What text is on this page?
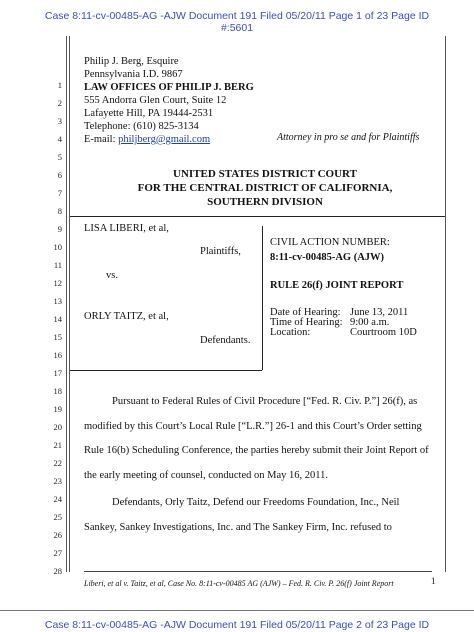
Case 8:11-cv-00485-AG -AJW Document 191 Filed 05/20/11 Page 1 of 23 Page ID
#:5601
1
2
3
4
5
6
7
8
9
10
11
12
13
14
15
16
17
18
19
20
21
22
23
24
25
26
27
28
Philip J. Berg, Esquire
Pennsylvania I.D. 9867
LAW OFFICES OF PHILIP J. BERG
555 Andorra Glen Court, Suite 12
Lafayette Hill, PA 19444-2531
Telephone: (610) 825-3134
E-mail: philjberg@gmail.com	Attorney in pro se and for Plaintiffs
UNITED STATES DISTRICT COURT
FOR THE CENTRAL DISTRICT OF CALIFORNIA,
SOUTHERN DIVISION
LISA LIBERI, et al,
Plaintiffs,
vs.
ORLY TAITZ, et al,
Defendants.
CIVIL ACTION NUMBER:
8:11-cv-00485-AG (AJW)
RULE 26(f) JOINT REPORT
Date of Hearing: June 13, 2011
Time of Hearing: 9:00 a.m.
Location:	Courtroom 10D
Pursuant to Federal Rules of Civil Procedure [“Fed. R. Civ. P.”] 26(f), as
modified by this Court’s Local Rule [“L.R.”] 26-1 and this Court’s Order setting
Rule 16(b) Scheduling Conference, the parties hereby submit their Joint Report of
the early meeting of counsel, conducted on May 16, 2011.
Defendants, Orly Taitz, Defend our Freedoms Foundation, Inc., Neil
Sankey, Sankey Investigations, Inc. and The Sankey Firm, Inc. refused to
Liberi, et al v. Taitz, et al, Case No. 8:11-cv-00485 AG (AJW) – Fed. R. Civ. P. 26(f) Joint Report	1
Case 8:11-cv-00485-AG -AJW Document 191 Filed 05/20/11 Page 2 of 23 Page ID
